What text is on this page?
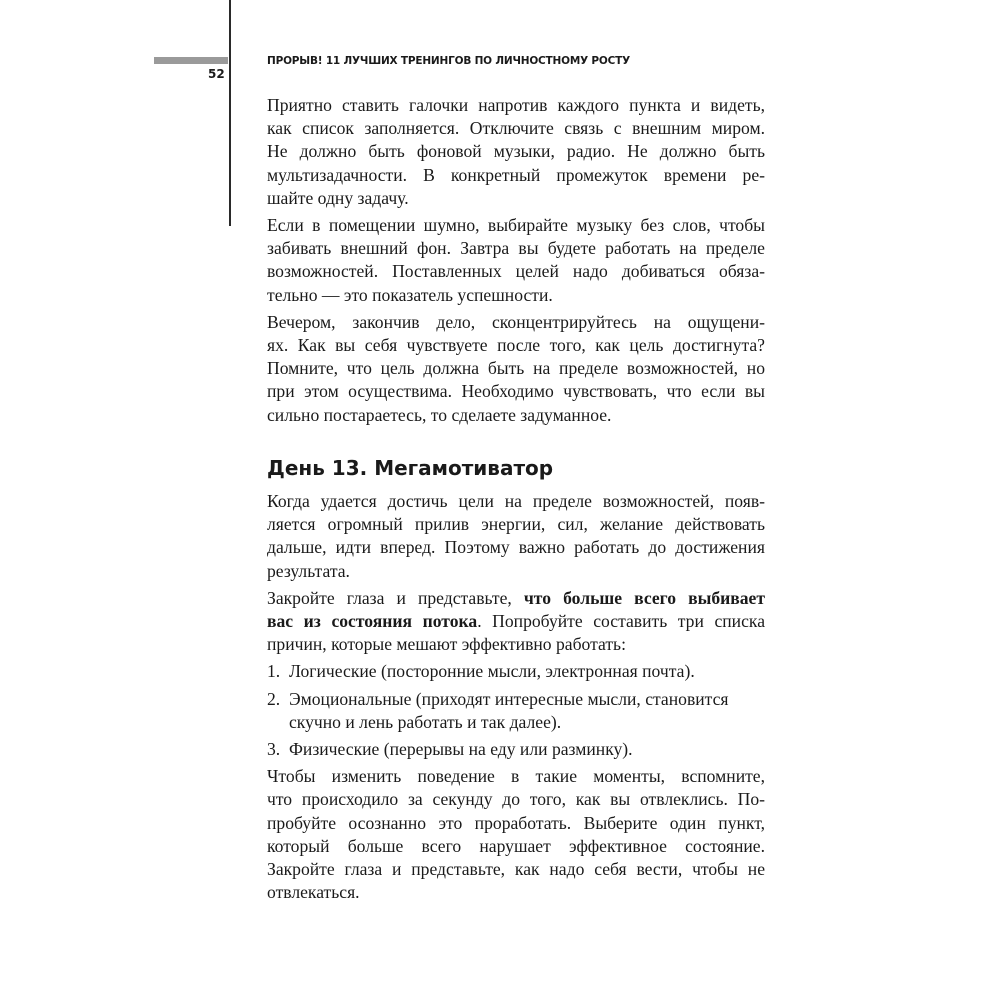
52
ПРОРЫВ! 11 ЛУЧШИХ ТРЕНИНГОВ ПО ЛИЧНОСТНОМУ РОСТУ
Приятно ставить галочки напротив каждого пункта и видеть,
как список заполняется. Отключите связь с внешним миром.
Не должно быть фоновой музыки, радио. Не должно быть
мультизадачности. В конкретный промежуток времени ре-
шайте одну задачу.
Если в помещении шумно, выбирайте музыку без слов, чтобы
забивать внешний фон. Завтра вы будете работать на пределе
возможностей. Поставленных целей надо добиваться обяза-
тельно — это показатель успешности.
Вечером, закончив дело, сконцентрируйтесь на ощущени-
ях. Как вы себя чувствуете после того, как цель достигнута?
Помните, что цель должна быть на пределе возможностей, но
при этом осуществима. Необходимо чувствовать, что если вы
сильно постараетесь, то сделаете задуманное.
День 13. Мегамотиватор
Когда удается достичь цели на пределе возможностей, появ-
ляется огромный прилив энергии, сил, желание действовать
дальше, идти вперед. Поэтому важно работать до достижения
результата.
Закройте глаза и представьте, что больше всего выбивает
вас из состояния потока. Попробуйте составить три списка
причин, которые мешают эффективно работать:
1. Логические (посторонние мысли, электронная почта).
2. Эмоциональные (приходят интересные мысли, становится
скучно и лень работать и так далее).
3. Физические (перерывы на еду или разминку).
Чтобы изменить поведение в такие моменты, вспомните,
что происходило за секунду до того, как вы отвлеклись. По-
пробуйте осознанно это проработать. Выберите один пункт,
который больше всего нарушает эффективное состояние.
Закройте глаза и представьте, как надо себя вести, чтобы не
отвлекаться.
